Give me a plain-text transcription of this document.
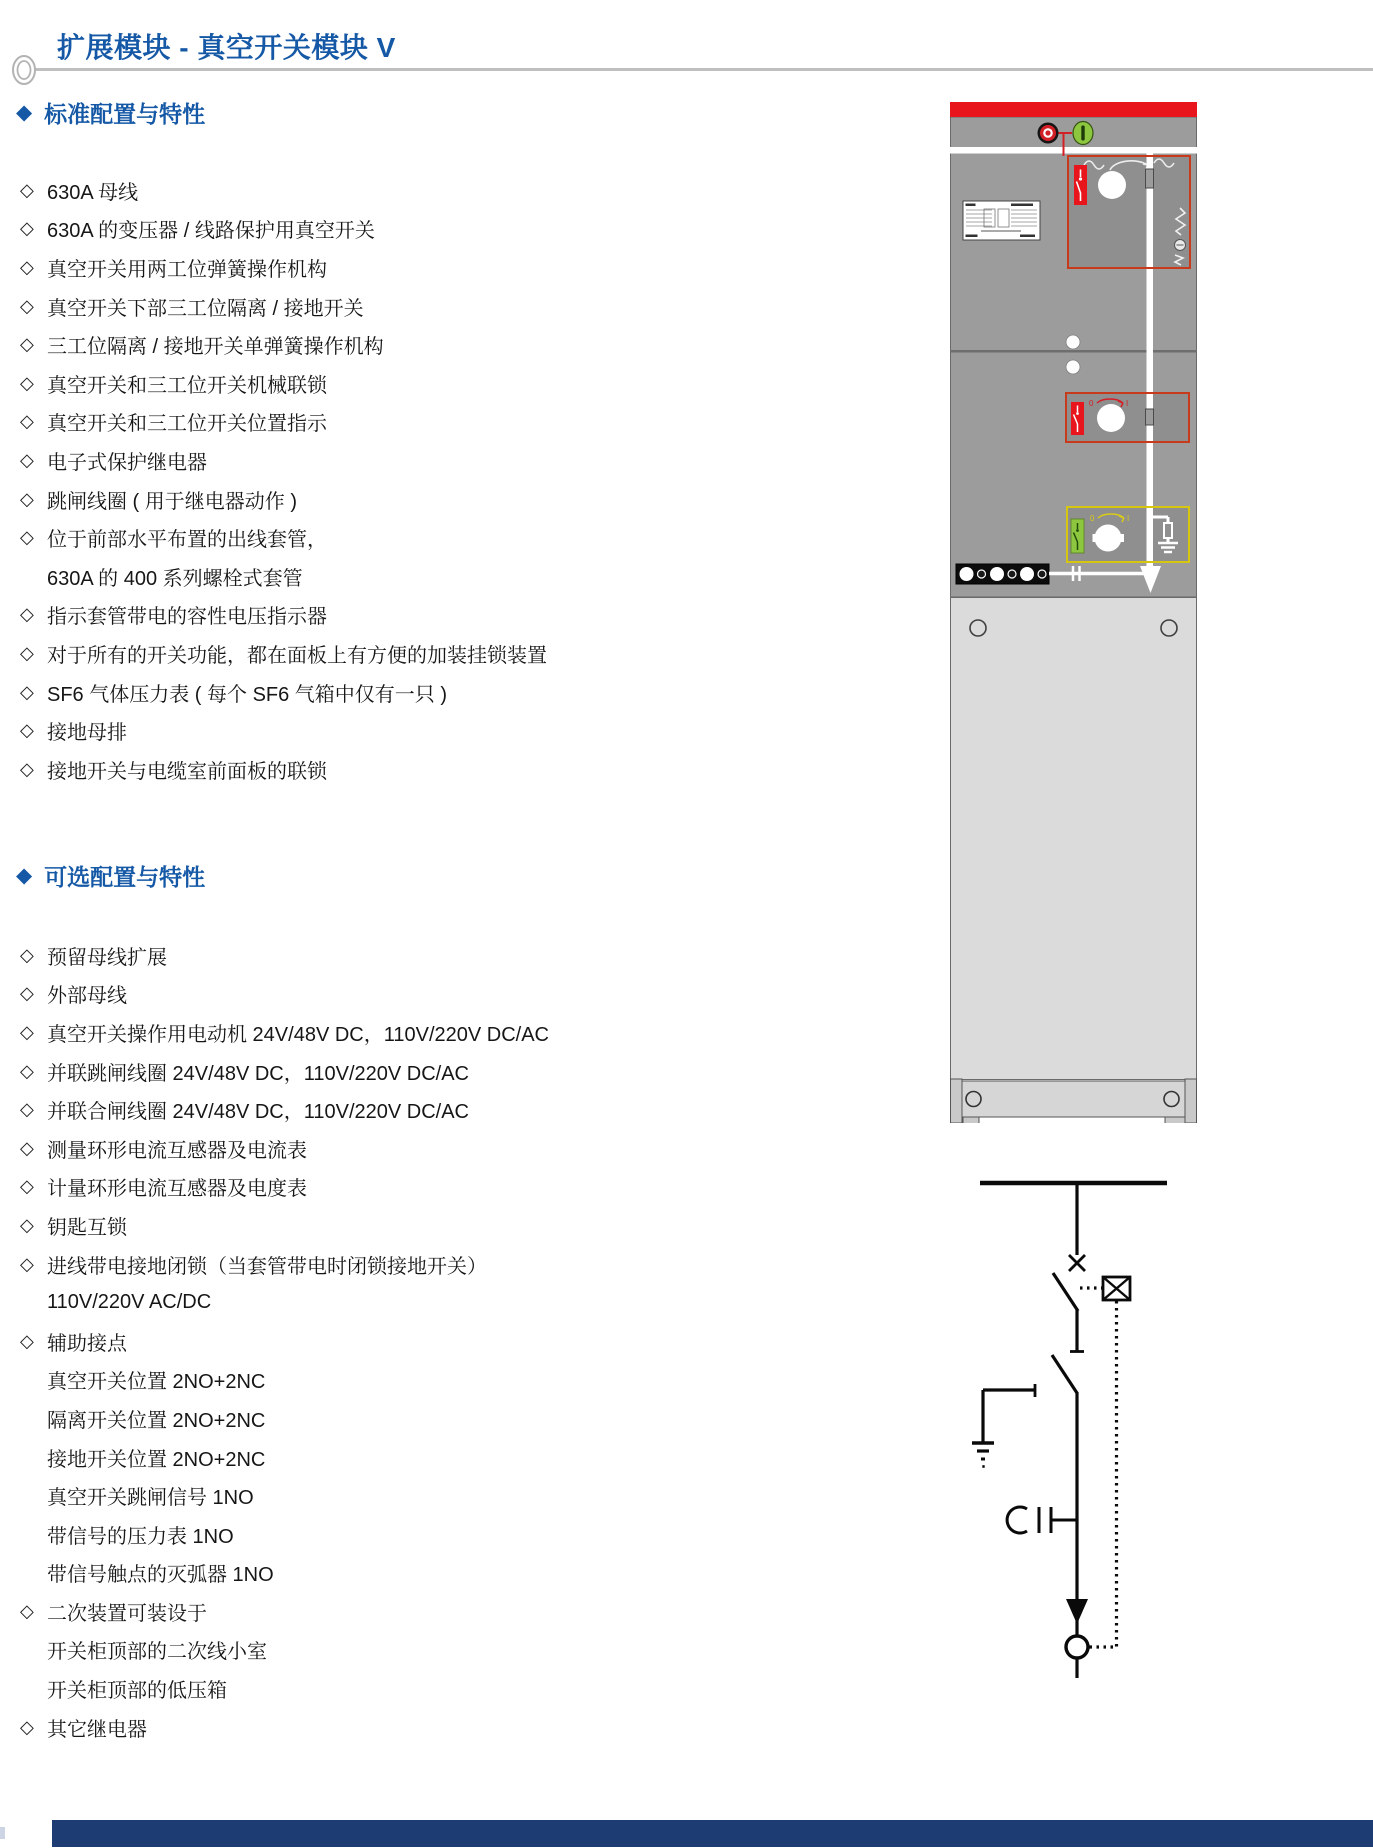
扩展模块 - 真空开关模块 V
◆ 标准配置与特性
◆ 可选配置与特性
◇ 630A 母线
◇ 630A 的变压器 / 线路保护用真空开关
◇ 真空开关用两工位弹簧操作机构
◇ 真空开关下部三工位隔离 / 接地开关
◇ 三工位隔离 / 接地开关单弹簧操作机构
◇ 真空开关和三工位开关机械联锁
◇ 真空开关和三工位开关位置指示
◇ 电子式保护继电器
◇ 跳闸线圈 ( 用于继电器动作 )
◇ 位于前部水平布置的出线套管，
630A 的 400 系列螺栓式套管
◇ 指示套管带电的容性电压指示器
◇ 对于所有的开关功能，都在面板上有方便的加装挂锁装置
◇ SF6 气体压力表 ( 每个 SF6 气箱中仅有一只 )
◇ 接地母排
◇ 接地开关与电缆室前面板的联锁
◇ 预留母线扩展
◇ 外部母线
◇ 真空开关操作用电动机 24V/48V DC，110V/220V DC/AC
◇ 并联跳闸线圈 24V/48V DC，110V/220V DC/AC
◇ 并联合闸线圈 24V/48V DC，110V/220V DC/AC
◇ 测量环形电流互感器及电流表
◇ 计量环形电流互感器及电度表
◇ 钥匙互锁
◇ 进线带电接地闭锁（当套管带电时闭锁接地开关）
110V/220V AC/DC
◇ 辅助接点
真空开关位置 2NO+2NC
隔离开关位置 2NO+2NC
接地开关位置 2NO+2NC
真空开关跳闸信号 1NO
带信号的压力表 1NO
带信号触点的灭弧器 1NO
◇ 二次装置可装设于
开关柜顶部的二次线小室
开关柜顶部的低压箱
◇ 其它继电器
0	I
0	I
